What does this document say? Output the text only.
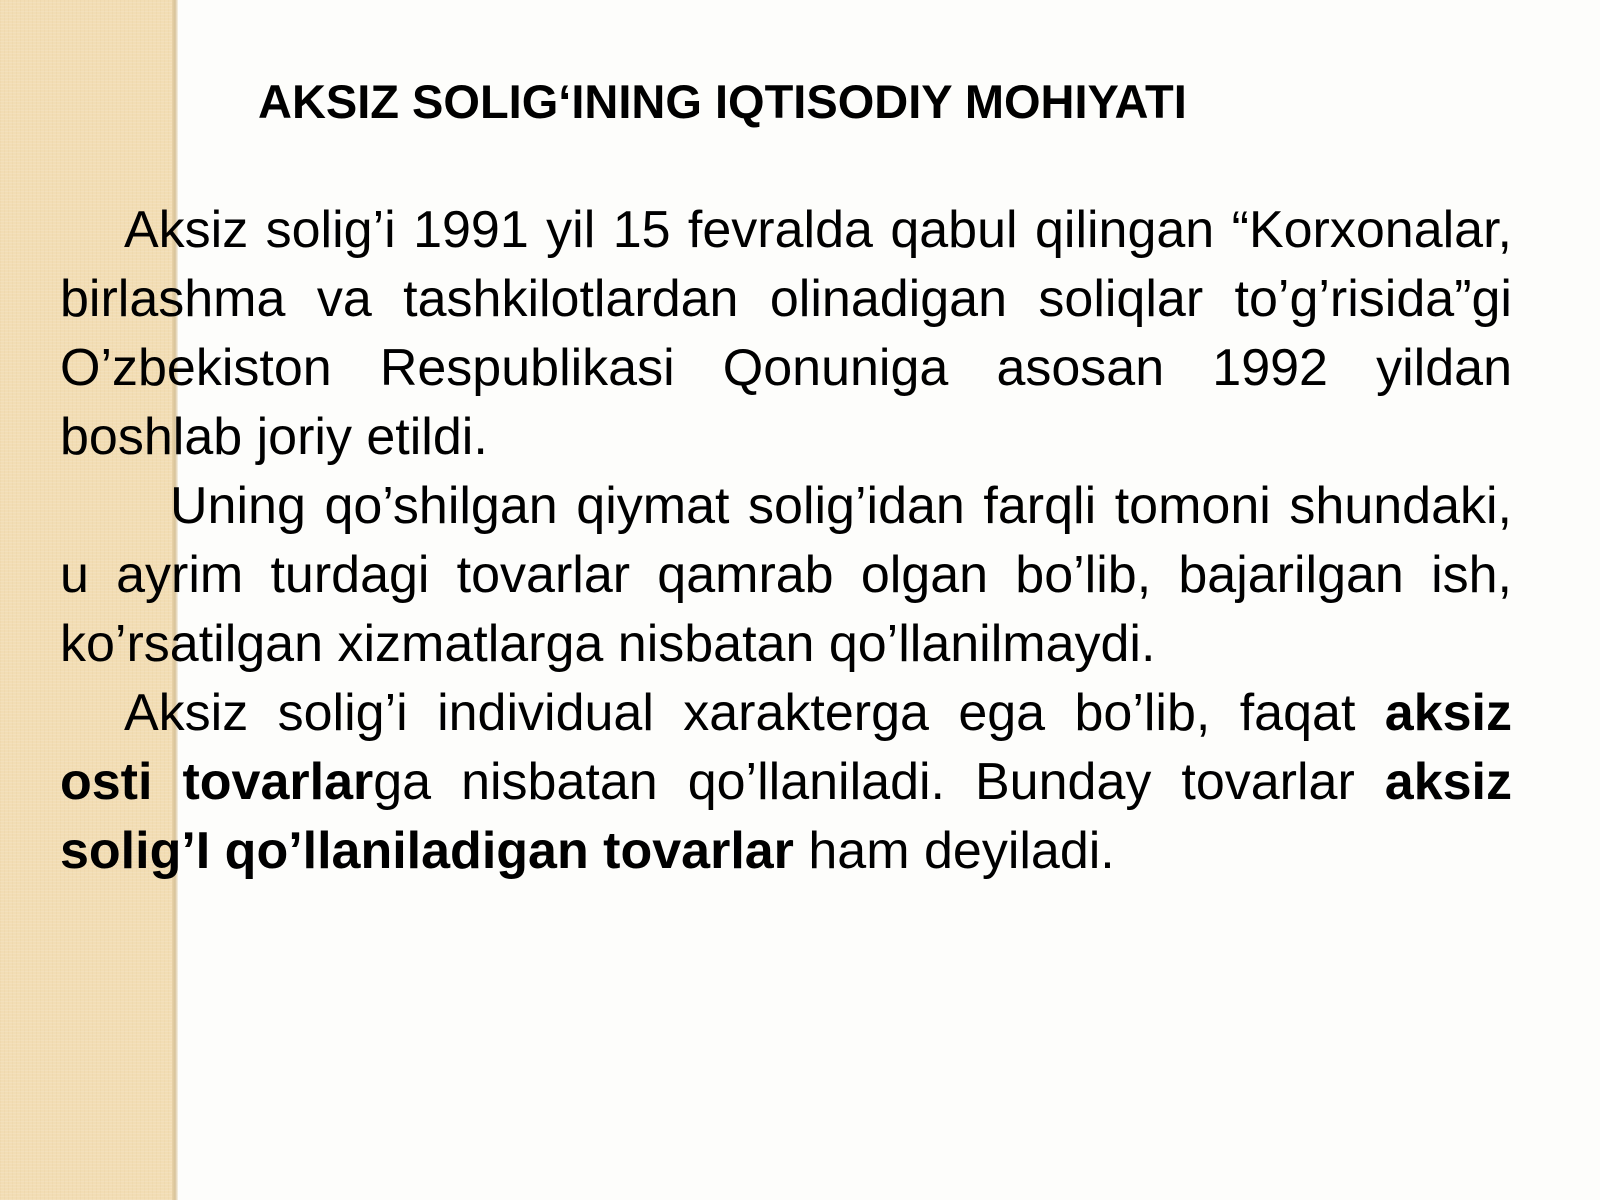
AKSIZ SOLIG‘INING IQTISODIY MOHIYATI

Aksiz solig’i 1991 yil 15 fevralda qabul qilingan “Korxonalar, birlashma va tashkilotlardan olinadigan soliqlar to’g’risida”gi O’zbekiston Respublikasi Qonuniga asosan 1992 yildan boshlab joriy etildi.

Uning qo’shilgan qiymat solig’idan farqli tomoni shundaki, u ayrim turdagi tovarlar qamrab olgan bo’lib, bajarilgan ish, ko’rsatilgan xizmatlarga nisbatan qo’llanilmaydi.

Aksiz solig’i individual xarakterga ega bo’lib, faqat aksiz osti tovarlarga nisbatan qo’llaniladi. Bunday tovarlar aksiz solig’I qo’llaniladigan tovarlar ham deyiladi.
